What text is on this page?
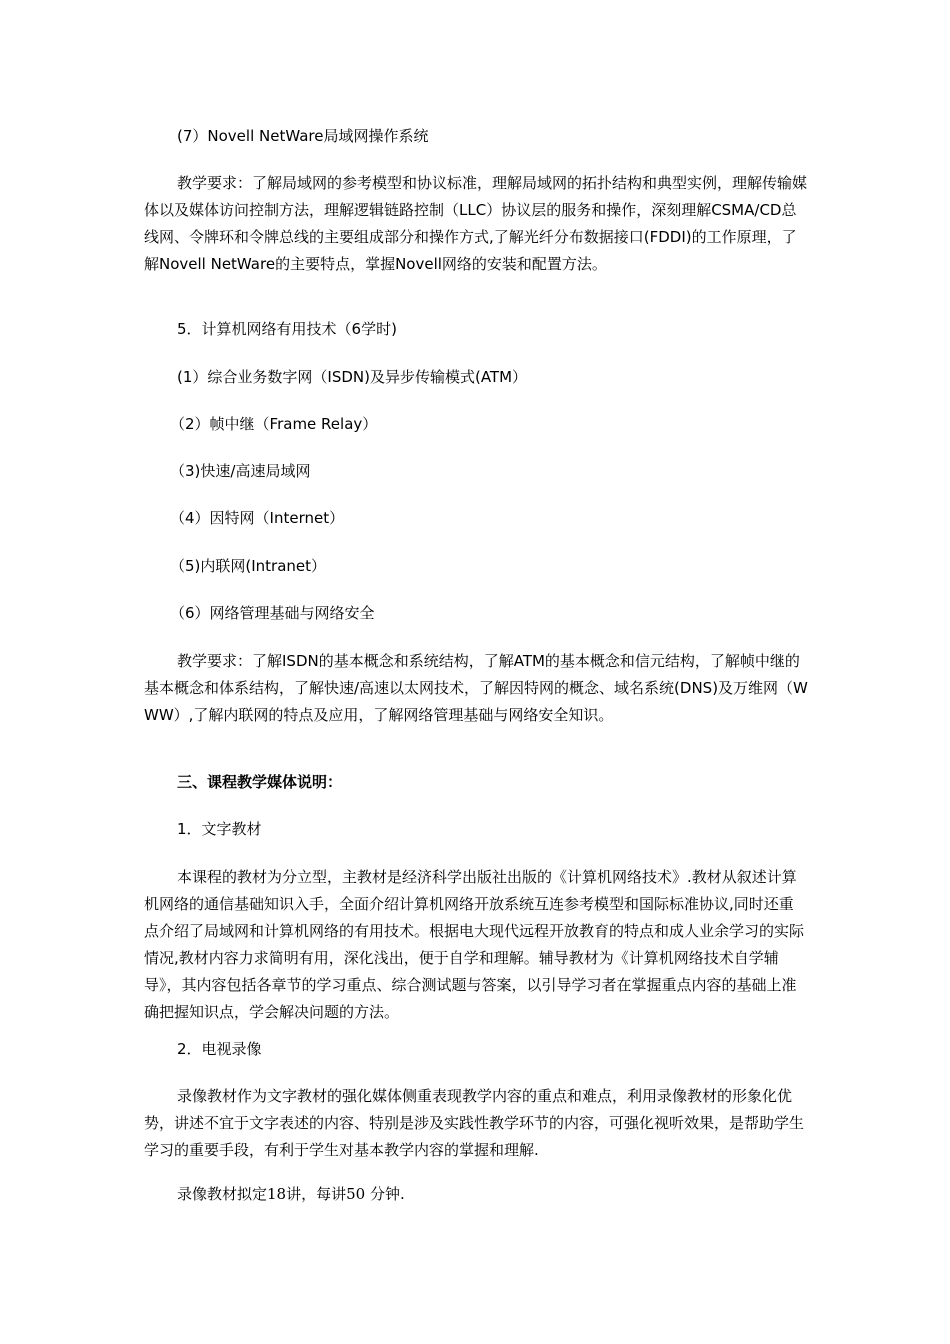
(7）Novell NetWare局域网操作系统

教学要求：了解局域网的参考模型和协议标准，理解局域网的拓扑结构和典型实例，理解传输媒体以及媒体访问控制方法，理解逻辑链路控制（LLC）协议层的服务和操作，深刻理解CSMA/CD总线网、令牌环和令牌总线的主要组成部分和操作方式,了解光纤分布数据接口(FDDI)的工作原理，了解Novell NetWare的主要特点，掌握Novell网络的安装和配置方法。

5．计算机网络有用技术（6学时)

(1）综合业务数字网（ISDN)及异步传输模式(ATM）

（2）帧中继（Frame Relay）

（3)快速/高速局域网

（4）因特网（Internet）

（5)内联网(Intranet）

（6）网络管理基础与网络安全

教学要求：了解ISDN的基本概念和系统结构，了解ATM的基本概念和信元结构，了解帧中继的基本概念和体系结构，了解快速/高速以太网技术，了解因特网的概念、域名系统(DNS)及万维网（WWW）,了解内联网的特点及应用，了解网络管理基础与网络安全知识。

三、课程教学媒体说明：

1．文字教材

本课程的教材为分立型，主教材是经济科学出版社出版的《计算机网络技术》.教材从叙述计算机网络的通信基础知识入手，全面介绍计算机网络开放系统互连参考模型和国际标准协议,同时还重点介绍了局域网和计算机网络的有用技术。根据电大现代远程开放教育的特点和成人业余学习的实际情况,教材内容力求简明有用，深化浅出，便于自学和理解。辅导教材为《计算机网络技术自学辅导》，其内容包括各章节的学习重点、综合测试题与答案，以引导学习者在掌握重点内容的基础上准确把握知识点，学会解决问题的方法。

2．电视录像

录像教材作为文字教材的强化媒体侧重表现教学内容的重点和难点，利用录像教材的形象化优势，讲述不宜于文字表述的内容、特别是涉及实践性教学环节的内容，可强化视听效果，是帮助学生学习的重要手段，有利于学生对基本教学内容的掌握和理解.

录像教材拟定18讲，每讲50 分钟.
